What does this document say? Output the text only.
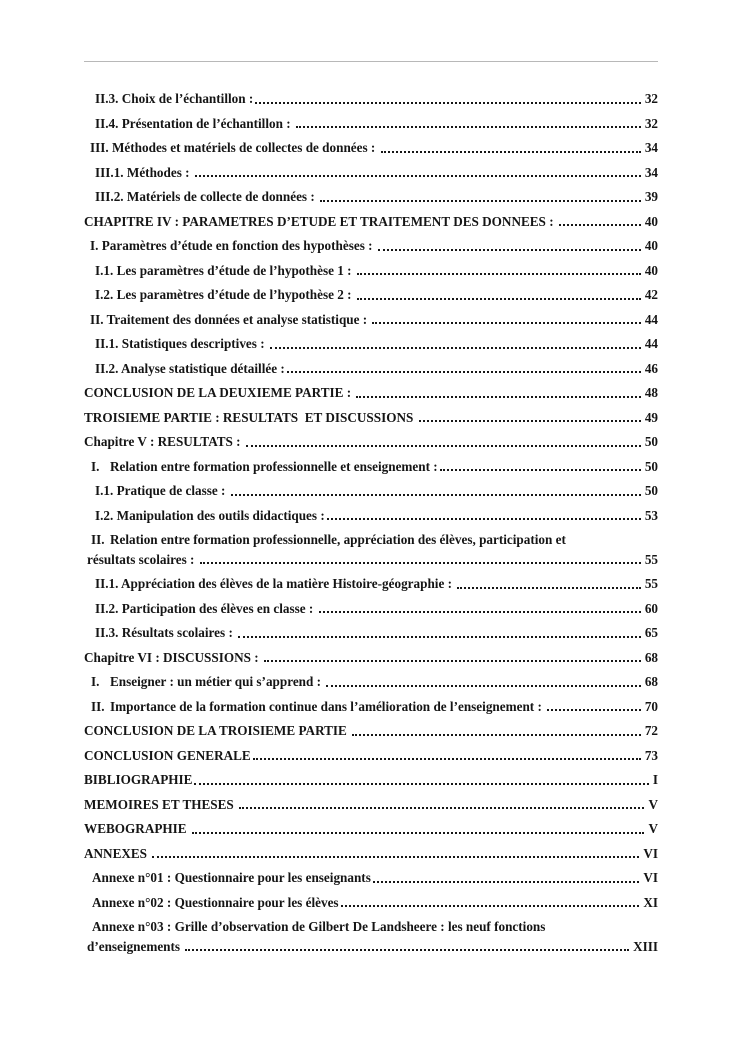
II.3. Choix de l’échantillon :	32
II.4. Présentation de l’échantillon :	32
III. Méthodes et matériels de collectes de données :	34
III.1. Méthodes :	34
III.2. Matériels de collecte de données :	39
CHAPITRE IV : PARAMETRES D’ETUDE ET TRAITEMENT DES DONNEES :	40
I. Paramètres d’étude en fonction des hypothèses :	40
I.1. Les paramètres d’étude de l’hypothèse 1 :	40
I.2. Les paramètres d’étude de l’hypothèse 2 :	42
II. Traitement des données et analyse statistique :	44
II.1. Statistiques descriptives :	44
II.2. Analyse statistique détaillée :	46
CONCLUSION DE LA DEUXIEME PARTIE :	48
TROISIEME PARTIE : RESULTATS  ET DISCUSSIONS	49
Chapitre V : RESULTATS :	50
I. Relation entre formation professionnelle et enseignement :	50
I.1. Pratique de classe :	50
I.2. Manipulation des outils didactiques :	53
II. Relation entre formation professionnelle, appréciation des élèves, participation et
résultats scolaires :	55
II.1. Appréciation des élèves de la matière Histoire-géographie :	55
II.2. Participation des élèves en classe :	60
II.3. Résultats scolaires :	65
Chapitre VI : DISCUSSIONS :	68
I. Enseigner : un métier qui s’apprend :	68
II. Importance de la formation continue dans l’amélioration de l’enseignement :	70
CONCLUSION DE LA TROISIEME PARTIE	72
CONCLUSION GENERALE	73
BIBLIOGRAPHIE	I
MEMOIRES ET THESES	V
WEBOGRAPHIE	V
ANNEXES	VI
Annexe n°01 : Questionnaire pour les enseignants	VI
Annexe n°02 : Questionnaire pour les élèves	XI
Annexe n°03 : Grille d’observation de Gilbert De Landsheere : les neuf fonctions
d’enseignements	XIII
